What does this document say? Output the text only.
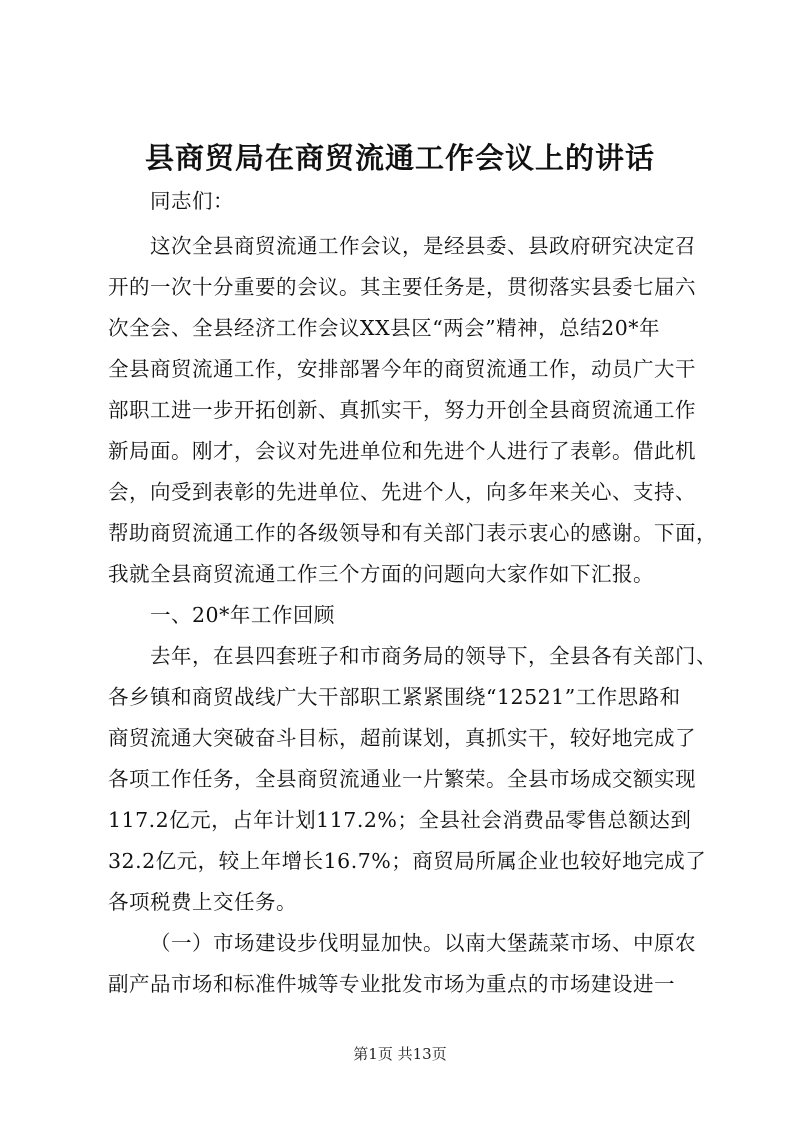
县商贸局在商贸流通工作会议上的讲话
同志们：
这次全县商贸流通工作会议，是经县委、县政府研究决定召
开的一次十分重要的会议。其主要任务是，贯彻落实县委七届六
次全会、全县经济工作会议XX县区“两会”精神，总结20*年
全县商贸流通工作，安排部署今年的商贸流通工作，动员广大干
部职工进一步开拓创新、真抓实干，努力开创全县商贸流通工作
新局面。刚才，会议对先进单位和先进个人进行了表彰。借此机
会，向受到表彰的先进单位、先进个人，向多年来关心、支持、
帮助商贸流通工作的各级领导和有关部门表示衷心的感谢。下面，
我就全县商贸流通工作三个方面的问题向大家作如下汇报。
一、20*年工作回顾
去年，在县四套班子和市商务局的领导下，全县各有关部门、
各乡镇和商贸战线广大干部职工紧紧围绕“12521”工作思路和
商贸流通大突破奋斗目标，超前谋划，真抓实干，较好地完成了
各项工作任务，全县商贸流通业一片繁荣。全县市场成交额实现
117.2亿元，占年计划117.2%；全县社会消费品零售总额达到
32.2亿元，较上年增长16.7%；商贸局所属企业也较好地完成了
各项税费上交任务。
（一）市场建设步伐明显加快。以南大堡蔬菜市场、中原农
副产品市场和标准件城等专业批发市场为重点的市场建设进一
第1页 共13页
